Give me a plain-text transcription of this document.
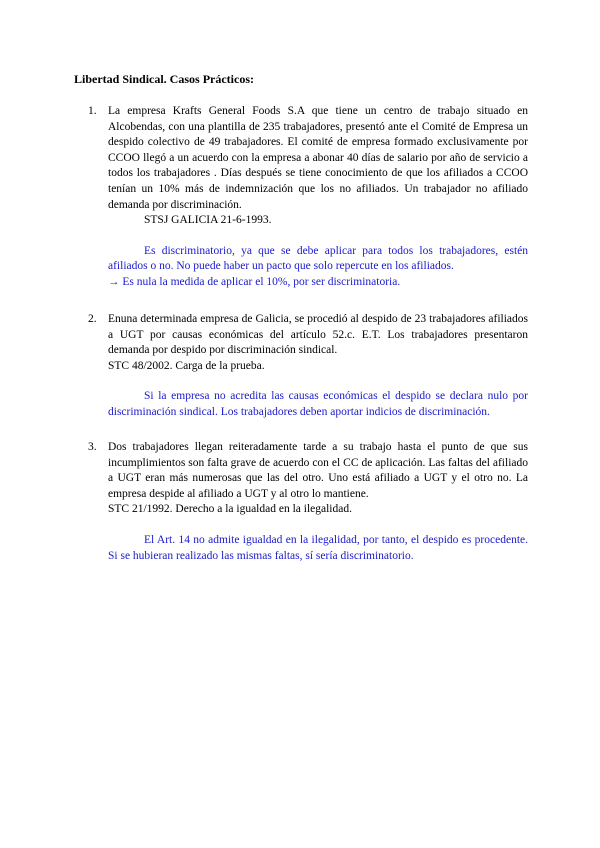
Libertad Sindical. Casos Prácticos:
1. La empresa Krafts General Foods S.A que tiene un centro de trabajo situado en Alcobendas, con una plantilla de 235 trabajadores, presentó ante el Comité de Empresa un despido colectivo de 49 trabajadores. El comité de empresa formado exclusivamente por CCOO llegó a un acuerdo con la empresa a abonar 40 días de salario por año de servicio a todos los trabajadores . Días después se tiene conocimiento de que los afiliados a CCOO tenían un 10% más de indemnización que los no afiliados. Un trabajador no afiliado demanda por discriminación.

STSJ GALICIA 21-6-1993.

Es discriminatorio, ya que se debe aplicar para todos los trabajadores, estén afiliados o no. No puede haber un pacto que solo repercute en los afiliados.

→ Es nula la medida de aplicar el 10%, por ser discriminatoria.

2. Enuna determinada empresa de Galicia, se procedió al despido de 23 trabajadores afiliados a UGT por causas económicas del artículo 52.c. E.T. Los trabajadores presentaron demanda por despido por discriminación sindical.

STC 48/2002. Carga de la prueba.

Si la empresa no acredita las causas económicas el despido se declara nulo por discriminación sindical. Los trabajadores deben aportar indicios de discriminación.

3. Dos trabajadores llegan reiteradamente tarde a su trabajo hasta el punto de que sus incumplimientos son falta grave de acuerdo con el CC de aplicación. Las faltas del afiliado a UGT eran más numerosas que las del otro. Uno está afiliado a UGT y el otro no. La empresa despide al afiliado a UGT y al otro lo mantiene.

STC 21/1992. Derecho a la igualdad en la ilegalidad.

El Art. 14 no admite igualdad en la ilegalidad, por tanto, el despido es procedente. Si se hubieran realizado las mismas faltas, sí sería discriminatorio.
